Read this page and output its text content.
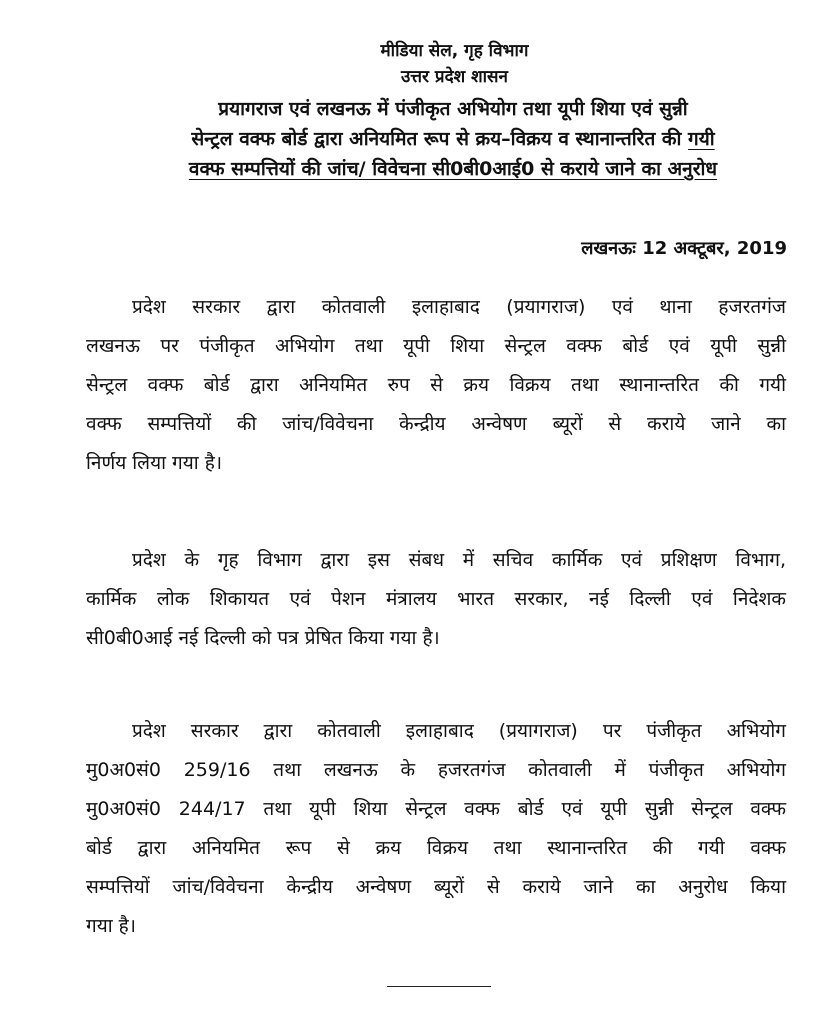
मीडिया सेल, गृह विभाग
उत्तर प्रदेश शासन
प्रयागराज एवं लखनऊ में पंजीकृत अभियोग तथा यूपी शिया एवं सुन्नी
सेन्ट्रल वक्फ बोर्ड द्वारा अनियमित रूप से क्रय–विक्रय व स्थानान्तरित की गयी
वक्फ सम्पत्तियों की जांच/ विवेचना सी0बी0आई0 से कराये जाने का अनुरोध
लखनऊः 12 अक्टूबर, 2019
प्रदेश सरकार द्वारा कोतवाली इलाहाबाद (प्रयागराज) एवं थाना हजरतगंज
लखनऊ पर पंजीकृत अभियोग तथा यूपी शिया सेन्ट्रल वक्फ बोर्ड एवं यूपी सुन्नी
सेन्ट्रल वक्फ बोर्ड द्वारा अनियमित रुप से क्रय विक्रय तथा स्थानान्तरित की गयी
वक्फ सम्पत्तियों की जांच/विवेचना केन्द्रीय अन्वेषण ब्यूरों से कराये जाने का
निर्णय लिया गया है।
प्रदेश के गृह विभाग द्वारा इस संबध में सचिव कार्मिक एवं प्रशिक्षण विभाग,
कार्मिक लोक शिकायत एवं पेशन मंत्रालय भारत सरकार, नई दिल्ली एवं निदेशक
सी0बी0आई नई दिल्ली को पत्र प्रेषित किया गया है।
प्रदेश सरकार द्वारा कोतवाली इलाहाबाद (प्रयागराज) पर पंजीकृत अभियोग
मु0अ0सं0 259/16 तथा लखनऊ के हजरतगंज कोतवाली में पंजीकृत अभियोग
मु0अ0सं0 244/17 तथा यूपी शिया सेन्ट्रल वक्फ बोर्ड एवं यूपी सुन्नी सेन्ट्रल वक्फ
बोर्ड द्वारा अनियमित रूप से क्रय विक्रय तथा स्थानान्तरित की गयी वक्फ
सम्पत्तियों जांच/विवेचना केन्द्रीय अन्वेषण ब्यूरों से कराये जाने का अनुरोध किया
गया है।
